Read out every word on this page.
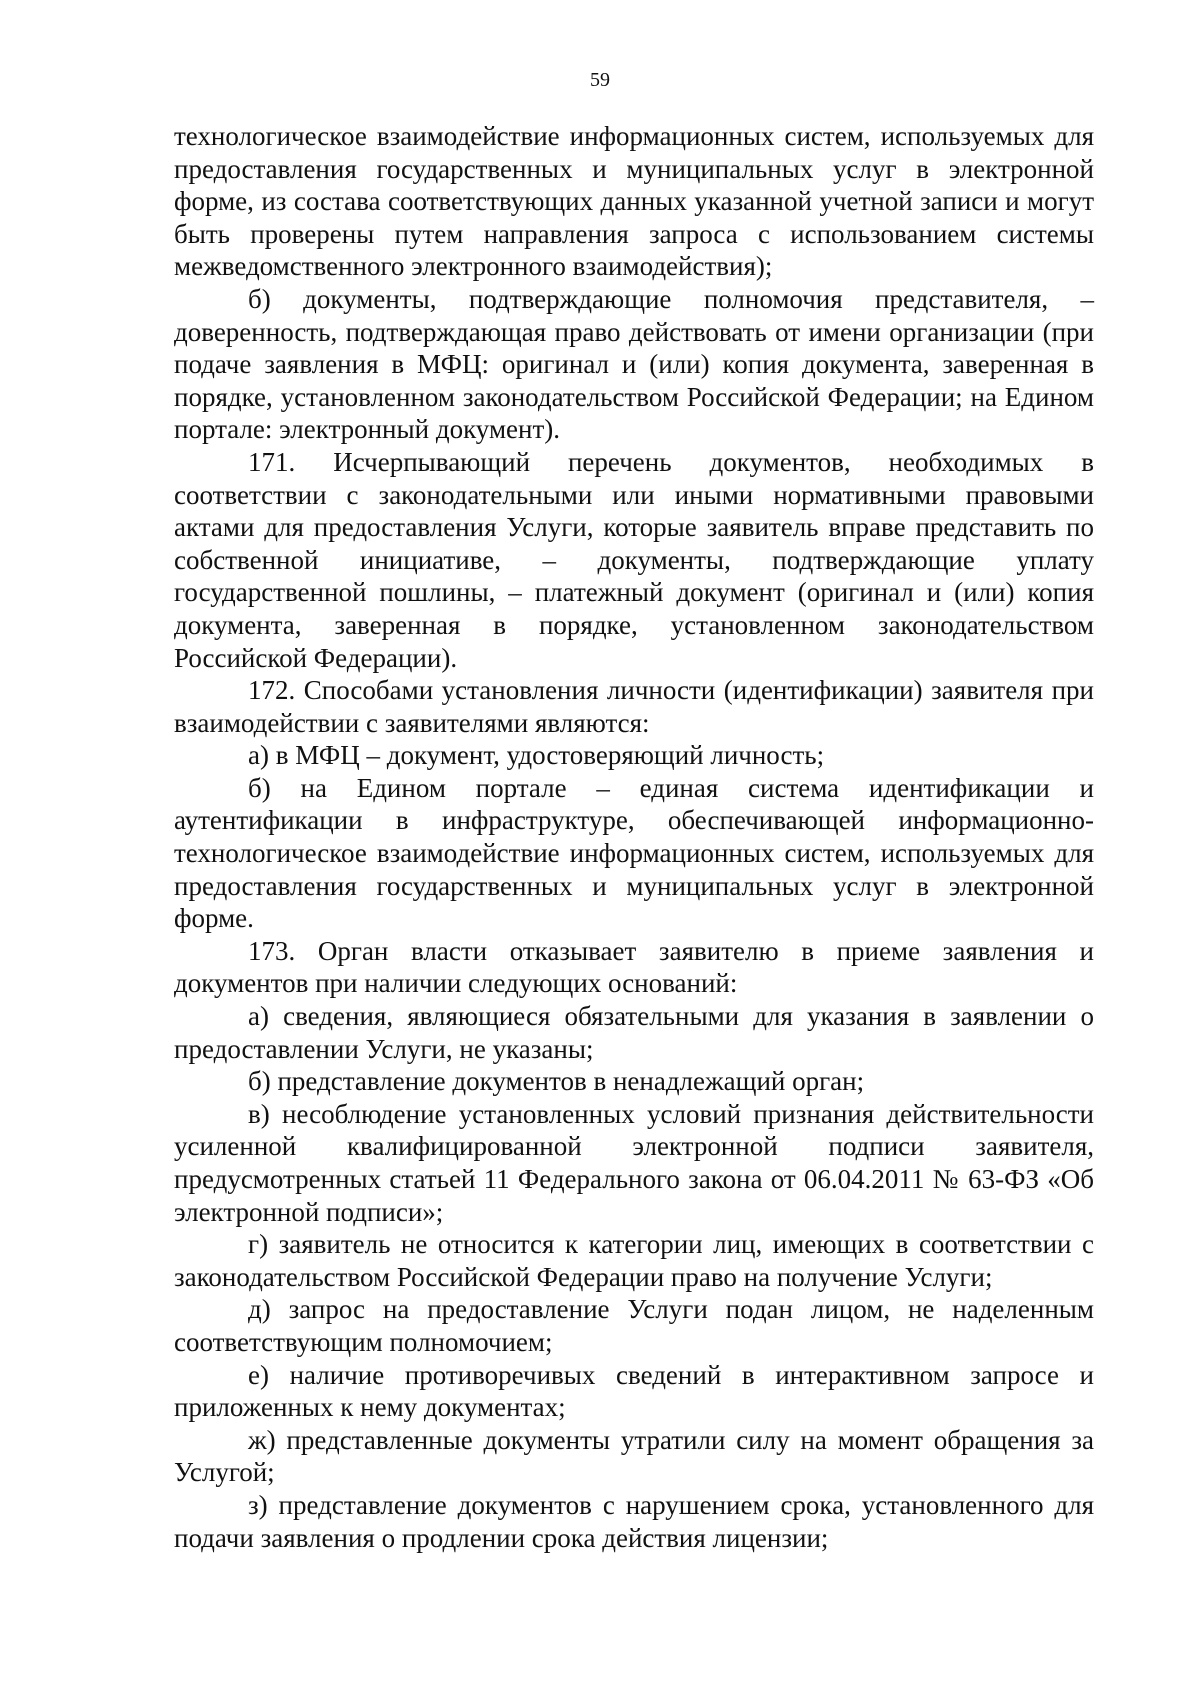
59

технологическое взаимодействие информационных систем, используемых для предоставления государственных и муниципальных услуг в электронной форме, из состава соответствующих данных указанной учетной записи и могут быть проверены путем направления запроса с использованием системы межведомственного электронного взаимодействия);

б) документы, подтверждающие полномочия представителя, – доверенность, подтверждающая право действовать от имени организации (при подаче заявления в МФЦ: оригинал и (или) копия документа, заверенная в порядке, установленном законодательством Российской Федерации; на Едином портале: электронный документ).

171. Исчерпывающий перечень документов, необходимых в соответствии с законодательными или иными нормативными правовыми актами для предоставления Услуги, которые заявитель вправе представить по собственной инициативе, – документы, подтверждающие уплату государственной пошлины, – платежный документ (оригинал и (или) копия документа, заверенная в порядке, установленном законодательством Российской Федерации).

172. Способами установления личности (идентификации) заявителя при взаимодействии с заявителями являются:

а) в МФЦ – документ, удостоверяющий личность;

б) на Едином портале – единая система идентификации и аутентификации в инфраструктуре, обеспечивающей информационно-технологическое взаимодействие информационных систем, используемых для предоставления государственных и муниципальных услуг в электронной форме.

173. Орган власти отказывает заявителю в приеме заявления и документов при наличии следующих оснований:

а) сведения, являющиеся обязательными для указания в заявлении о предоставлении Услуги, не указаны;

б) представление документов в ненадлежащий орган;

в) несоблюдение установленных условий признания действительности усиленной квалифицированной электронной подписи заявителя, предусмотренных статьей 11 Федерального закона от 06.04.2011 № 63-ФЗ «Об электронной подписи»;

г) заявитель не относится к категории лиц, имеющих в соответствии с законодательством Российской Федерации право на получение Услуги;

д) запрос на предоставление Услуги подан лицом, не наделенным соответствующим полномочием;

е) наличие противоречивых сведений в интерактивном запросе и приложенных к нему документах;

ж) представленные документы утратили силу на момент обращения за Услугой;

з) представление документов с нарушением срока, установленного для подачи заявления о продлении срока действия лицензии;
